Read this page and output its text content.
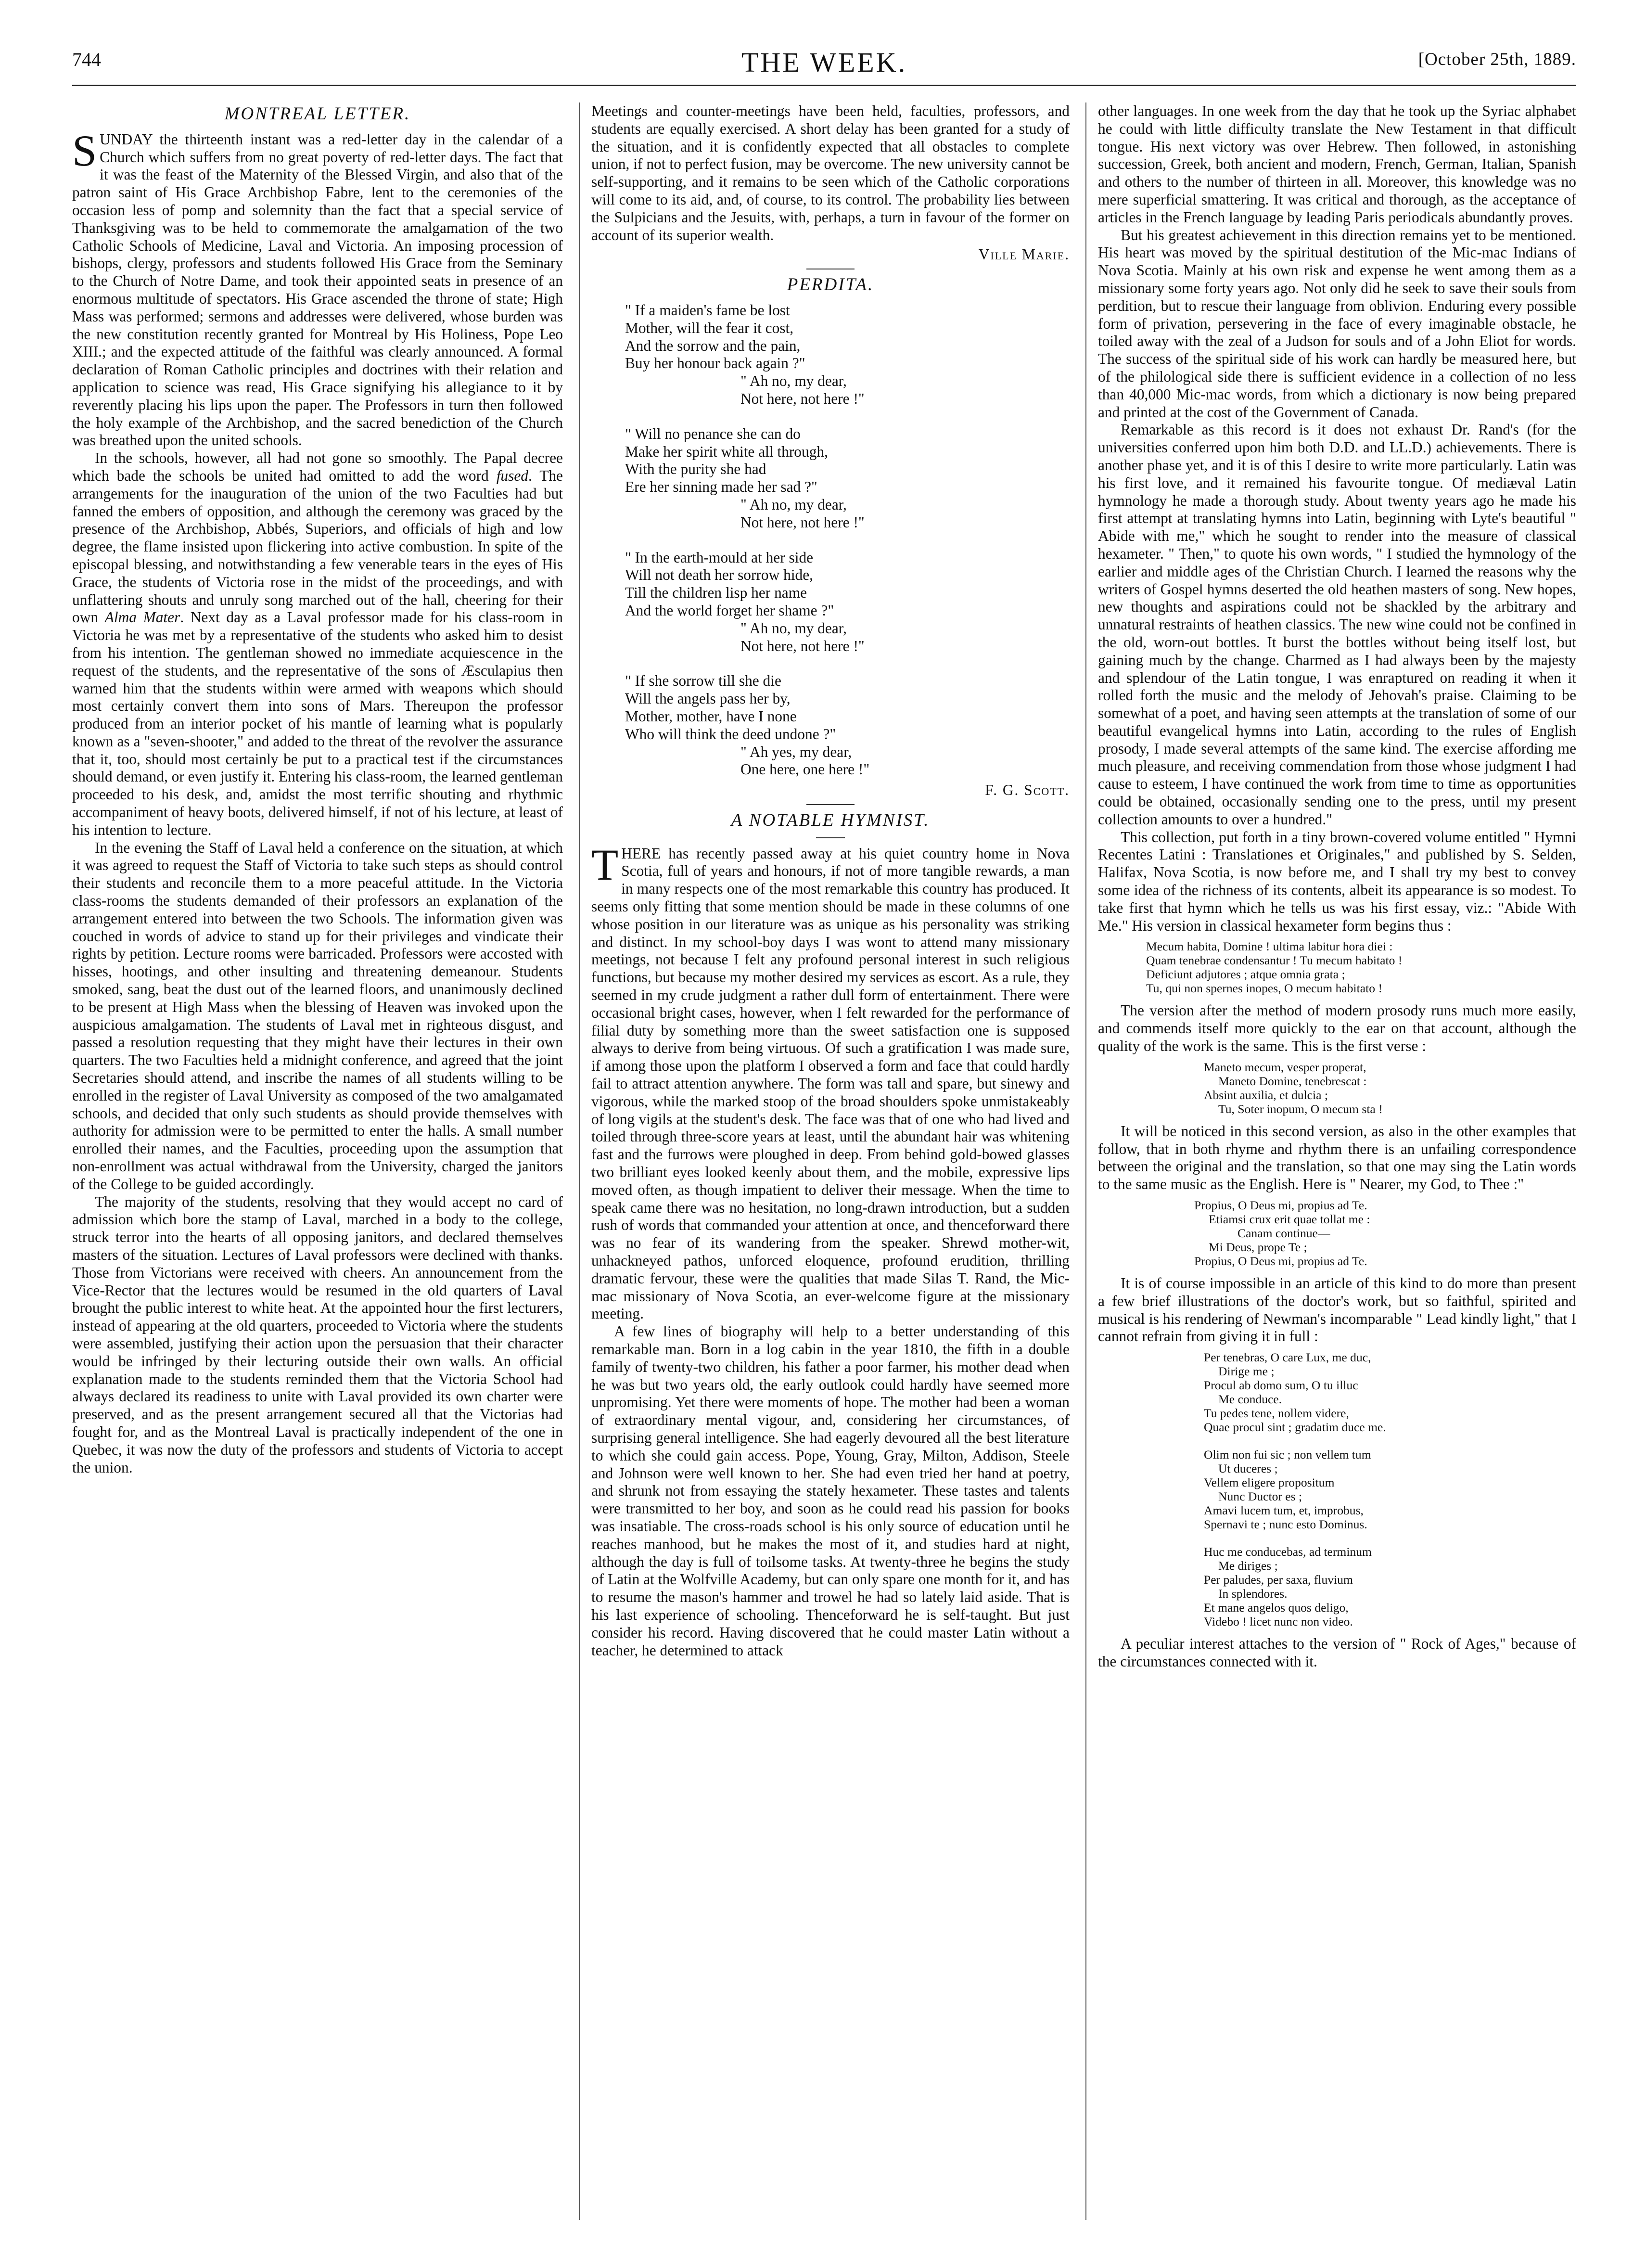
744	THE WEEK.	[October 25th, 1889.
MONTREAL LETTER.

SUNDAY the thirteenth instant was a red-letter day in the calendar of a Church which suffers from no great poverty of red-letter days. The fact that it was the feast of the Maternity of the Blessed Virgin, and also that of the patron saint of His Grace Archbishop Fabre, lent to the ceremonies of the occasion less of pomp and solemnity than the fact that a special service of Thanksgiving was to be held to commemorate the amalgamation of the two Catholic Schools of Medicine, Laval and Victoria. An imposing procession of bishops, clergy, professors and students followed His Grace from the Seminary to the Church of Notre Dame, and took their appointed seats in presence of an enormous multitude of spectators. His Grace ascended the throne of state; High Mass was performed; sermons and addresses were delivered, whose burden was the new constitution recently granted for Montreal by His Holiness, Pope Leo XIII.; and the expected attitude of the faithful was clearly announced. A formal declaration of Roman Catholic principles and doctrines with their relation and application to science was read, His Grace signifying his allegiance to it by reverently placing his lips upon the paper. The Professors in turn then followed the holy example of the Archbishop, and the sacred benediction of the Church was breathed upon the united schools.

In the schools, however, all had not gone so smoothly. The Papal decree which bade the schools be united had omitted to add the word fused. The arrangements for the inauguration of the union of the two Faculties had but fanned the embers of opposition, and although the ceremony was graced by the presence of the Archbishop, Abbés, Superiors, and officials of high and low degree, the flame insisted upon flickering into active combustion. In spite of the episcopal blessing, and notwithstanding a few venerable tears in the eyes of His Grace, the students of Victoria rose in the midst of the proceedings, and with unflattering shouts and unruly song marched out of the hall, cheering for their own Alma Mater. Next day as a Laval professor made for his class-room in Victoria he was met by a representative of the students who asked him to desist from his intention. The gentleman showed no immediate acquiescence in the request of the students, and the representative of the sons of Æsculapius then warned him that the students within were armed with weapons which should most certainly convert them into sons of Mars. Thereupon the professor produced from an interior pocket of his mantle of learning what is popularly known as a "seven-shooter," and added to the threat of the revolver the assurance that it, too, should most certainly be put to a practical test if the circumstances should demand, or even justify it. Entering his class-room, the learned gentleman proceeded to his desk, and, amidst the most terrific shouting and rhythmic accompaniment of heavy boots, delivered himself, if not of his lecture, at least of his intention to lecture.

In the evening the Staff of Laval held a conference on the situation, at which it was agreed to request the Staff of Victoria to take such steps as should control their students and reconcile them to a more peaceful attitude. In the Victoria class-rooms the students demanded of their professors an explanation of the arrangement entered into between the two Schools. The information given was couched in words of advice to stand up for their privileges and vindicate their rights by petition. Lecture rooms were barricaded. Professors were accosted with hisses, hootings, and other insulting and threatening demeanour. Students smoked, sang, beat the dust out of the learned floors, and unanimously declined to be present at High Mass when the blessing of Heaven was invoked upon the auspicious amalgamation. The students of Laval met in righteous disgust, and passed a resolution requesting that they might have their lectures in their own quarters. The two Faculties held a midnight conference, and agreed that the joint Secretaries should attend, and inscribe the names of all students willing to be enrolled in the register of Laval University as composed of the two amalgamated schools, and decided that only such students as should provide themselves with authority for admission were to be permitted to enter the halls. A small number enrolled their names, and the Faculties, proceeding upon the assumption that non-enrollment was actual withdrawal from the University, charged the janitors of the College to be guided accordingly.

The majority of the students, resolving that they would accept no card of admission which bore the stamp of Laval, marched in a body to the college, struck terror into the hearts of all opposing janitors, and declared themselves masters of the situation. Lectures of Laval professors were declined with thanks. Those from Victorians were received with cheers. An announcement from the Vice-Rector that the lectures would be resumed in the old quarters of Laval brought the public interest to white heat. At the appointed hour the first lecturers, instead of appearing at the old quarters, proceeded to Victoria where the students were assembled, justifying their action upon the persuasion that their character would be infringed by their lecturing outside their own walls. An official explanation made to the students reminded them that the Victoria School had always declared its readiness to unite with Laval provided its own charter were preserved, and as the present arrangement secured all that the Victorias had fought for, and as the Montreal Laval is practically independent of the one in Quebec, it was now the duty of the professors and students of Victoria to accept the union.

Meetings and counter-meetings have been held, faculties, professors, and students are equally exercised. A short delay has been granted for a study of the situation, and it is confidently expected that all obstacles to complete union, if not to perfect fusion, may be overcome. The new university cannot be self-supporting, and it remains to be seen which of the Catholic corporations will come to its aid, and, of course, to its control. The probability lies between the Sulpicians and the Jesuits, with, perhaps, a turn in favour of the former on account of its superior wealth.

Ville Marie.
PERDITA.
" If a maiden's fame be lost
Mother, will the fear it cost,
And the sorrow and the pain,
Buy her honour back again ?"
" Ah no, my dear,
Not here, not here !"
" Will no penance she can do
Make her spirit white all through,
With the purity she had
Ere her sinning made her sad ?"
" Ah no, my dear,
Not here, not here !"
" In the earth-mould at her side
Will not death her sorrow hide,
Till the children lisp her name
And the world forget her shame ?"
" Ah no, my dear,
Not here, not here !"
" If she sorrow till she die
Will the angels pass her by,
Mother, mother, have I none
Who will think the deed undone ?"
" Ah yes, my dear,
One here, one here !"
F. G. Scott.
A NOTABLE HYMNIST.

THERE has recently passed away at his quiet country home in Nova Scotia, full of years and honours, if not of more tangible rewards, a man in many respects one of the most remarkable this country has produced. It seems only fitting that some mention should be made in these columns of one whose position in our literature was as unique as his personality was striking and distinct. In my school-boy days I was wont to attend many missionary meetings, not because I felt any profound personal interest in such religious functions, but because my mother desired my services as escort. As a rule, they seemed in my crude judgment a rather dull form of entertainment. There were occasional bright cases, however, when I felt rewarded for the performance of filial duty by something more than the sweet satisfaction one is supposed always to derive from being virtuous. Of such a gratification I was made sure, if among those upon the platform I observed a form and face that could hardly fail to attract attention anywhere. The form was tall and spare, but sinewy and vigorous, while the marked stoop of the broad shoulders spoke unmistakeably of long vigils at the student's desk. The face was that of one who had lived and toiled through three-score years at least, until the abundant hair was whitening fast and the furrows were ploughed in deep. From behind gold-bowed glasses two brilliant eyes looked keenly about them, and the mobile, expressive lips moved often, as though impatient to deliver their message. When the time to speak came there was no hesitation, no long-drawn introduction, but a sudden rush of words that commanded your attention at once, and thenceforward there was no fear of its wandering from the speaker. Shrewd mother-wit, unhackneyed pathos, unforced eloquence, profound erudition, thrilling dramatic fervour, these were the qualities that made Silas T. Rand, the Mic-mac missionary of Nova Scotia, an ever-welcome figure at the missionary meeting.

A few lines of biography will help to a better understanding of this remarkable man. Born in a log cabin in the year 1810, the fifth in a double family of twenty-two children, his father a poor farmer, his mother dead when he was but two years old, the early outlook could hardly have seemed more unpromising. Yet there were moments of hope. The mother had been a woman of extraordinary mental vigour, and, considering her circumstances, of surprising general intelligence. She had eagerly devoured all the best literature to which she could gain access. Pope, Young, Gray, Milton, Addison, Steele and Johnson were well known to her. She had even tried her hand at poetry, and shrunk not from essaying the stately hexameter. These tastes and talents were transmitted to her boy, and soon as he could read his passion for books was insatiable. The cross-roads school is his only source of education until he reaches manhood, but he makes the most of it, and studies hard at night, although the day is full of toilsome tasks. At twenty-three he begins the study of Latin at the Wolfville Academy, but can only spare one month for it, and has to resume the mason's hammer and trowel he had so lately laid aside. That is his last experience of schooling. Thenceforward he is self-taught. But just consider his record. Having discovered that he could master Latin without a teacher, he determined to attack

other languages. In one week from the day that he took up the Syriac alphabet he could with little difficulty translate the New Testament in that difficult tongue. His next victory was over Hebrew. Then followed, in astonishing succession, Greek, both ancient and modern, French, German, Italian, Spanish and others to the number of thirteen in all. Moreover, this knowledge was no mere superficial smattering. It was critical and thorough, as the acceptance of articles in the French language by leading Paris periodicals abundantly proves.

But his greatest achievement in this direction remains yet to be mentioned. His heart was moved by the spiritual destitution of the Mic-mac Indians of Nova Scotia. Mainly at his own risk and expense he went among them as a missionary some forty years ago. Not only did he seek to save their souls from perdition, but to rescue their language from oblivion. Enduring every possible form of privation, persevering in the face of every imaginable obstacle, he toiled away with the zeal of a Judson for souls and of a John Eliot for words. The success of the spiritual side of his work can hardly be measured here, but of the philological side there is sufficient evidence in a collection of no less than 40,000 Mic-mac words, from which a dictionary is now being prepared and printed at the cost of the Government of Canada.

Remarkable as this record is it does not exhaust Dr. Rand's (for the universities conferred upon him both D.D. and LL.D.) achievements. There is another phase yet, and it is of this I desire to write more particularly. Latin was his first love, and it remained his favourite tongue. Of mediæval Latin hymnology he made a thorough study. About twenty years ago he made his first attempt at translating hymns into Latin, beginning with Lyte's beautiful " Abide with me," which he sought to render into the measure of classical hexameter. " Then," to quote his own words, " I studied the hymnology of the earlier and middle ages of the Christian Church. I learned the reasons why the writers of Gospel hymns deserted the old heathen masters of song. New hopes, new thoughts and aspirations could not be shackled by the arbitrary and unnatural restraints of heathen classics. The new wine could not be confined in the old, worn-out bottles. It burst the bottles without being itself lost, but gaining much by the change. Charmed as I had always been by the majesty and splendour of the Latin tongue, I was enraptured on reading it when it rolled forth the music and the melody of Jehovah's praise. Claiming to be somewhat of a poet, and having seen attempts at the translation of some of our beautiful evangelical hymns into Latin, according to the rules of English prosody, I made several attempts of the same kind. The exercise affording me much pleasure, and receiving commendation from those whose judgment I had cause to esteem, I have continued the work from time to time as opportunities could be obtained, occasionally sending one to the press, until my present collection amounts to over a hundred."

This collection, put forth in a tiny brown-covered volume entitled " Hymni Recentes Latini : Translationes et Originales," and published by S. Selden, Halifax, Nova Scotia, is now before me, and I shall try my best to convey some idea of the richness of its contents, albeit its appearance is so modest. To take first that hymn which he tells us was his first essay, viz.: "Abide With Me." His version in classical hexameter form begins thus :

Mecum habita, Domine ! ultima labitur hora diei :
Quam tenebrae condensantur ! Tu mecum habitato !
Deficiunt adjutores ; atque omnia grata ;
Tu, qui non spernes inopes, O mecum habitato !

The version after the method of modern prosody runs much more easily, and commends itself more quickly to the ear on that account, although the quality of the work is the same. This is the first verse :

Maneto mecum, vesper properat,
Maneto Domine, tenebrescat :
Absint auxilia, et dulcia ;
Tu, Soter inopum, O mecum sta !

It will be noticed in this second version, as also in the other examples that follow, that in both rhyme and rhythm there is an unfailing correspondence between the original and the translation, so that one may sing the Latin words to the same music as the English. Here is " Nearer, my God, to Thee :"

Propius, O Deus mi, propius ad Te.
Etiamsi crux erit quae tollat me :
Canam continue—
Mi Deus, prope Te ;
Propius, O Deus mi, propius ad Te.

It is of course impossible in an article of this kind to do more than present a few brief illustrations of the doctor's work, but so faithful, spirited and musical is his rendering of Newman's incomparable " Lead kindly light," that I cannot refrain from giving it in full :

Per tenebras, O care Lux, me duc,
Dirige me ;
Procul ab domo sum, O tu illuc
Me conduce.
Tu pedes tene, nollem videre,
Quae procul sint ; gradatim duce me.
Olim non fui sic ; non vellem tum
Ut duceres ;
Vellem eligere propositum
Nunc Ductor es ;
Amavi lucem tum, et, improbus,
Spernavi te ; nunc esto Dominus.
Huc me conducebas, ad terminum
Me diriges ;
Per paludes, per saxa, fluvium
In splendores.
Et mane angelos quos deligo,
Videbo ! licet nunc non video.

A peculiar interest attaches to the version of " Rock of Ages," because of the circumstances connected with it.
